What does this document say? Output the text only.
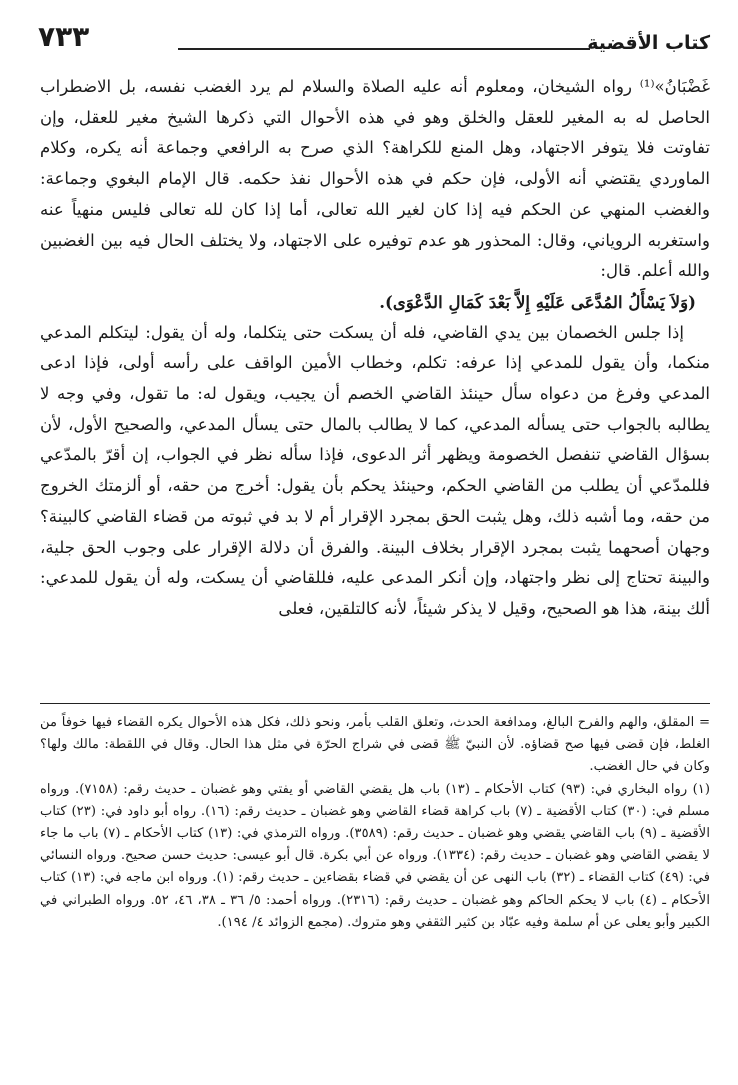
كتاب الأقضية
٧٣٣

غَضْبَانُ»⁽¹⁾ رواه الشيخان، ومعلوم أنه عليه الصلاة والسلام لم يرد الغضب نفسه، بل الاضطراب الحاصل له به المغير للعقل والخلق وهو في هذه الأحوال التي ذكرها الشيخ مغير للعقل، وإن تفاوتت فلا يتوفر الاجتهاد، وهل المنع للكراهة؟ الذي صرح به الرافعي وجماعة أنه يكره، وكلام الماوردي يقتضي أنه الأولى، فإن حكم في هذه الأحوال نفذ حكمه. قال الإمام البغوي وجماعة: والغضب المنهي عن الحكم فيه إذا كان لغير الله تعالى، أما إذا كان لله تعالى فليس منهياً عنه واستغربه الروياني، وقال: المحذور هو عدم توفيره على الاجتهاد، ولا يختلف الحال فيه بين الغضبين والله أعلم. قال:

(وَلاَ يَسْأَلُ المُدَّعَى عَلَيْهِ إِلاَّ بَعْدَ كَمَالِ الدَّعْوَى).

إذا جلس الخصمان بين يدي القاضي، فله أن يسكت حتى يتكلما، وله أن يقول: ليتكلم المدعي منكما، وأن يقول للمدعي إذا عرفه: تكلم، وخطاب الأمين الواقف على رأسه أولى، فإذا ادعى المدعي وفرغ من دعواه سأل حينئذ القاضي الخصم أن يجيب، ويقول له: ما تقول، وفي وجه لا يطالبه بالجواب حتى يسأله المدعي، كما لا يطالب بالمال حتى يسأل المدعي، والصحيح الأول، لأن بسؤال القاضي تنفصل الخصومة ويظهر أثر الدعوى، فإذا سأله نظر في الجواب، إن أقرّ بالمدّعي فللمدّعي أن يطلب من القاضي الحكم، وحينئذ يحكم بأن يقول: أخرج من حقه، أو ألزمتك الخروج من حقه، وما أشبه ذلك، وهل يثبت الحق بمجرد الإقرار أم لا بد في ثبوته من قضاء القاضي كالبينة؟ وجهان أصحهما يثبت بمجرد الإقرار بخلاف البينة. والفرق أن دلالة الإقرار على وجوب الحق جلية، والبينة تحتاج إلى نظر واجتهاد، وإن أنكر المدعى عليه، فللقاضي أن يسكت، وله أن يقول للمدعي: ألك بينة، هذا هو الصحيح، وقيل لا يذكر شيئاً، لأنه كالتلقين، فعلى

= المقلق، والهم والفرح البالغ، ومدافعة الحدث، وتعلق القلب بأمر، ونحو ذلك، فكل هذه الأحوال يكره القضاء فيها خوفاً من الغلط، فإن قضى فيها صح قضاؤه. لأن النبيّ ﷺ قضى في شراج الحرّة في مثل هذا الحال. وقال في اللقطة: مالك ولها؟ وكان في حال الغضب.

(١) رواه البخاري في: (٩٣) كتاب الأحكام ـ (١٣) باب هل يقضي القاضي أو يفتي وهو غضبان ـ حديث رقم: (٧١٥٨). ورواه مسلم في: (٣٠) كتاب الأقضية ـ (٧) باب كراهة قضاء القاضي وهو غضبان ـ حديث رقم: (١٦). رواه أبو داود في: (٢٣) كتاب الأقضية ـ (٩) باب القاضي يقضي وهو غضبان ـ حديث رقم: (٣٥٨٩). ورواه الترمذي في: (١٣) كتاب الأحكام ـ (٧) باب ما جاء لا يقضي القاضي وهو غضبان ـ حديث رقم: (١٣٣٤). ورواه عن أبي بكرة. قال أبو عيسى: حديث حسن صحيح. ورواه النسائي في: (٤٩) كتاب القضاء ـ (٣٢) باب النهى عن أن يقضي في قضاء بقضاءين ـ حديث رقم: (١). ورواه ابن ماجه في: (١٣) كتاب الأحكام ـ (٤) باب لا يحكم الحاكم وهو غضبان ـ حديث رقم: (٢٣١٦). ورواه أحمد: ٥/ ٣٦ ـ ٣٨، ٤٦، ٥٢. ورواه الطبراني في الكبير وأبو يعلى عن أم سلمة وفيه عبّاد بن كثير الثقفي وهو متروك. (مجمع الزوائد ٤/ ١٩٤).
